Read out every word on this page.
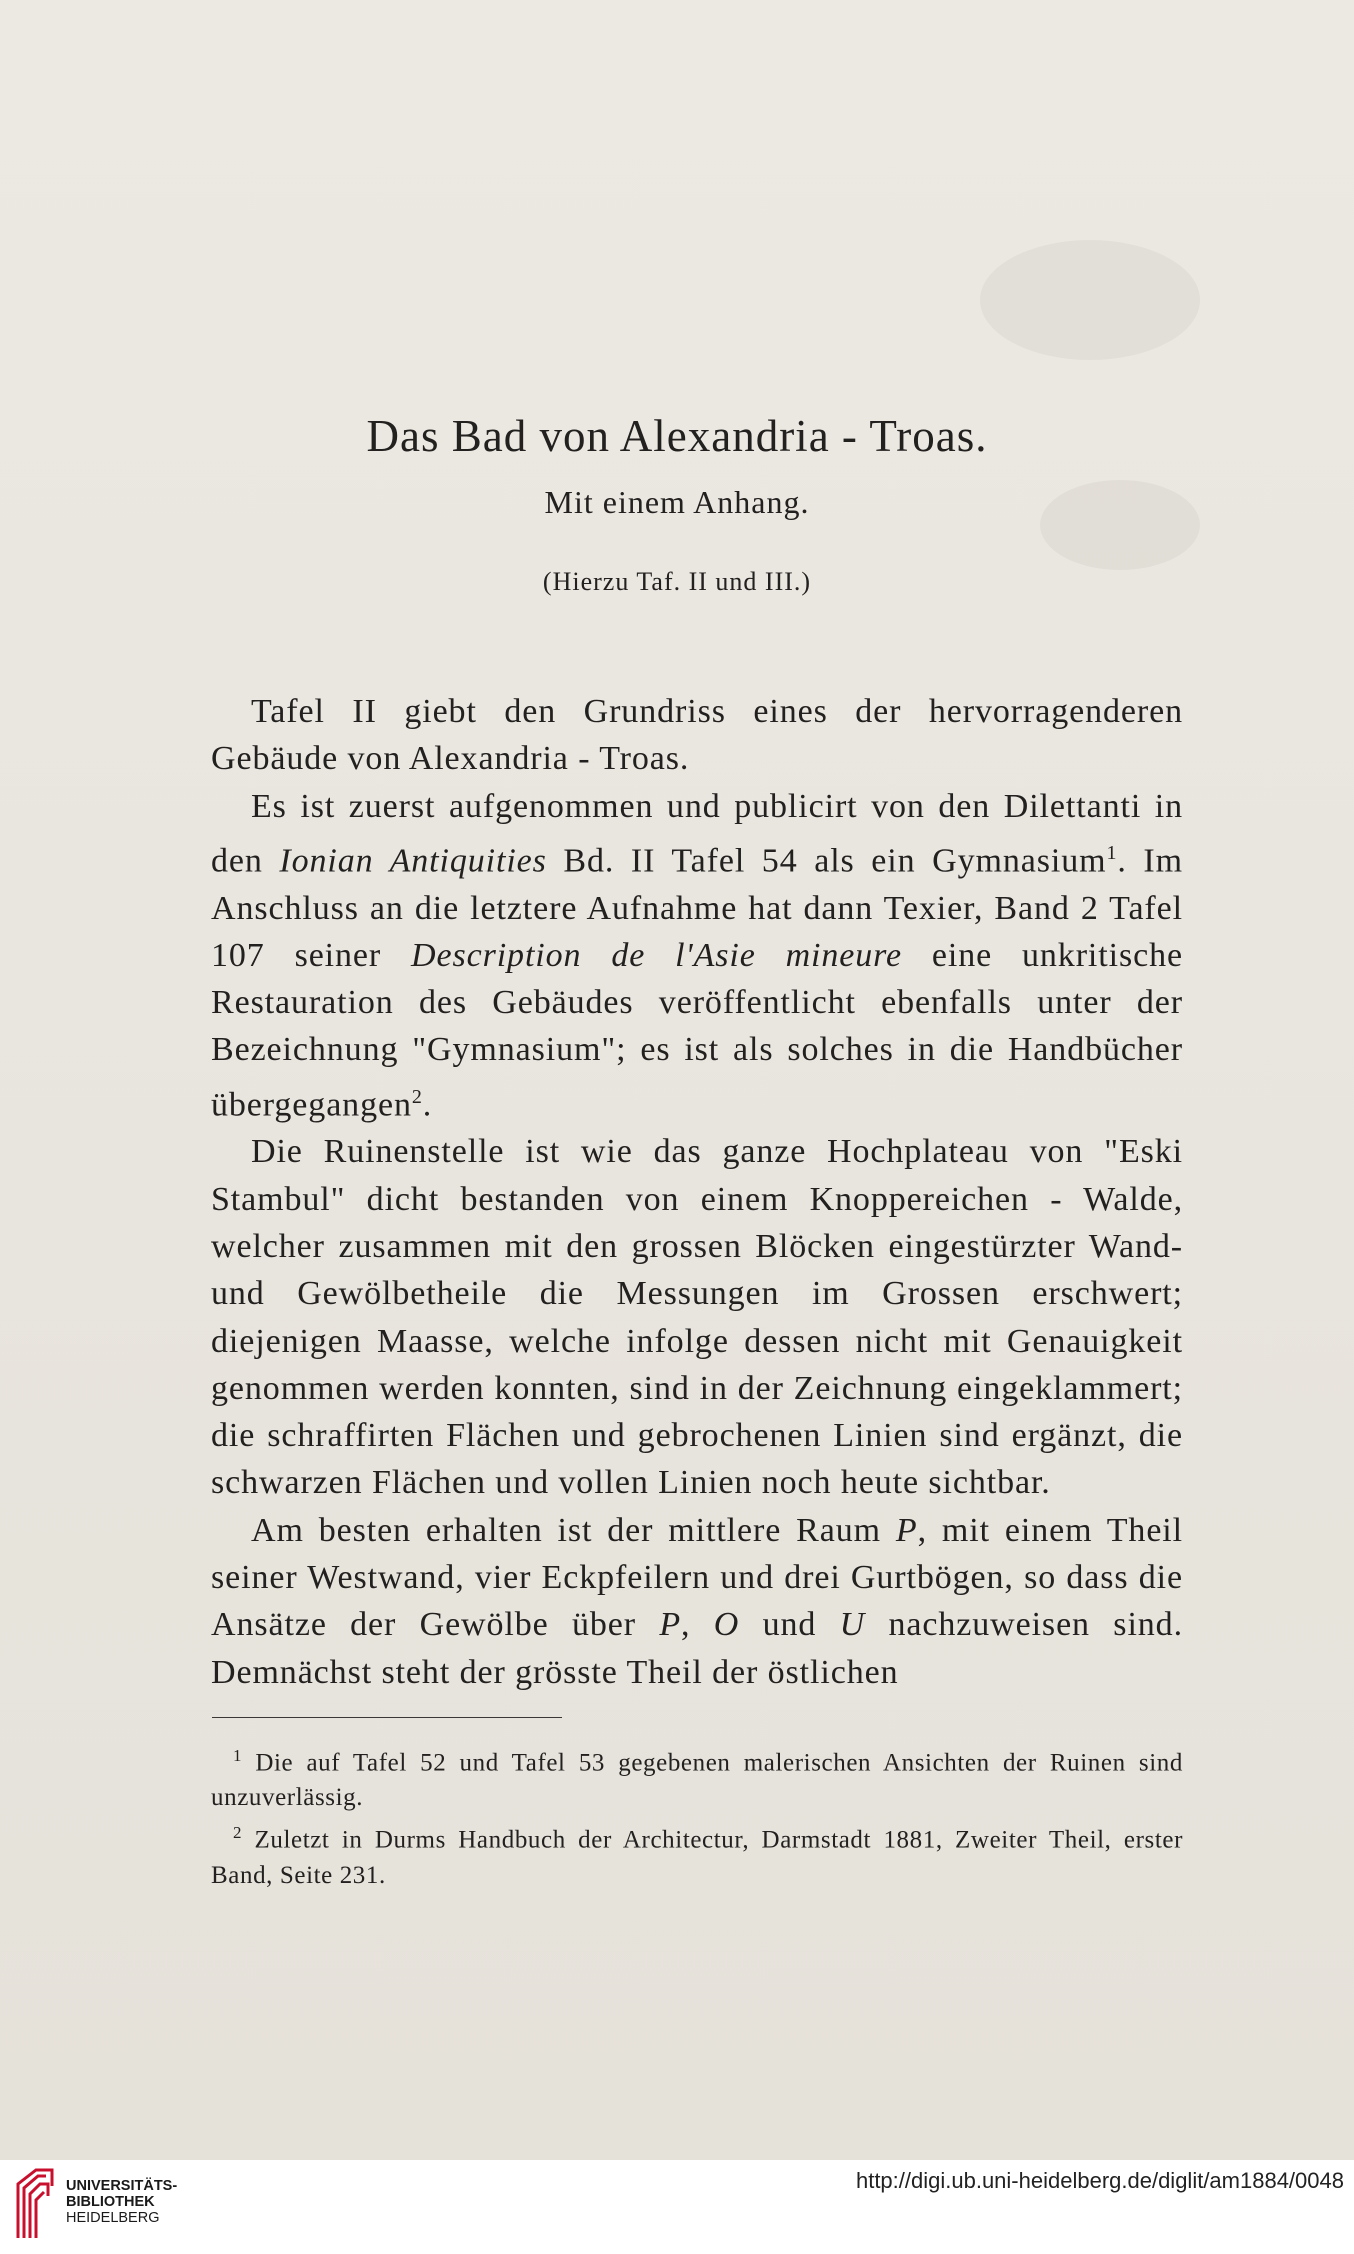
Das Bad von Alexandria - Troas.
Mit einem Anhang.
(Hierzu Taf. II und III.)

Tafel II giebt den Grundriss eines der hervorragenderen Gebäude von Alexandria - Troas.

Es ist zuerst aufgenommen und publicirt von den Dilettanti in den Ionian Antiquities Bd. II Tafel 54 als ein Gymnasium$^1$. Im Anschluss an die letztere Aufnahme hat dann Texier, Band 2 Tafel 107 seiner Description de l'Asie mineure eine unkritische Restauration des Gebäudes veröffentlicht ebenfalls unter der Bezeichnung "Gymnasium"; es ist als solches in die Handbücher übergegangen$^2$.

Die Ruinenstelle ist wie das ganze Hochplateau von "Eski Stambul" dicht bestanden von einem Knoppereichen - Walde, welcher zusammen mit den grossen Blöcken eingestürzter Wand- und Gewölbetheile die Messungen im Grossen erschwert; diejenigen Maasse, welche infolge dessen nicht mit Genauigkeit genommen werden konnten, sind in der Zeichnung eingeklammert; die schraffirten Flächen und gebrochenen Linien sind ergänzt, die schwarzen Flächen und vollen Linien noch heute sichtbar.

Am besten erhalten ist der mittlere Raum P, mit einem Theil seiner Westwand, vier Eckpfeilern und drei Gurtbögen, so dass die Ansätze der Gewölbe über P, O und U nachzuweisen sind. Demnächst steht der grösste Theil der östlichen

$^1$ Die auf Tafel 52 und Tafel 53 gegebenen malerischen Ansichten der Ruinen sind unzuverlässig.

$^2$ Zuletzt in Durms Handbuch der Architectur, Darmstadt 1881, Zweiter Theil, erster Band, Seite 231.

UNIVERSITÄTS-
BIBLIOTHEK
HEIDELBERG
http://digi.ub.uni-heidelberg.de/diglit/am1884/0048
